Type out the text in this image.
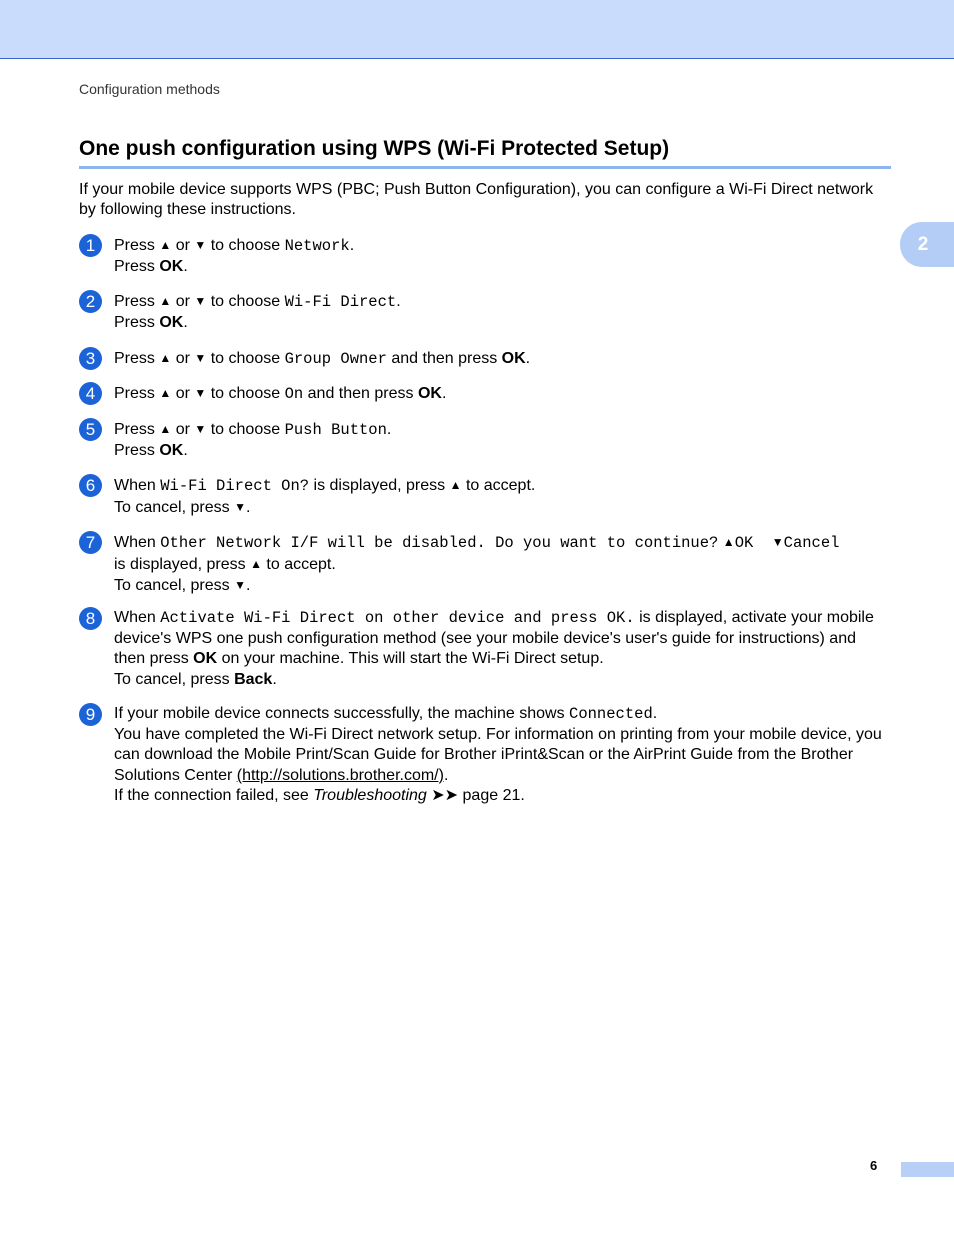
Configuration methods
2
One push configuration using WPS (Wi-Fi Protected Setup)
If your mobile device supports WPS (PBC; Push Button Configuration), you can configure a Wi-Fi Direct network by following these instructions.
1	Press ▲ or ▼ to choose Network.
Press OK.
2	Press ▲ or ▼ to choose Wi-Fi Direct.
Press OK.
3	Press ▲ or ▼ to choose Group Owner and then press OK.
4	Press ▲ or ▼ to choose On and then press OK.
5	Press ▲ or ▼ to choose Push Button.
Press OK.
6	When Wi-Fi Direct On? is displayed, press ▲ to accept.
To cancel, press ▼.
7	When Other Network I/F will be disabled. Do you want to continue? ▲OK ▼Cancel
is displayed, press ▲ to accept.
To cancel, press ▼.
8	When Activate Wi-Fi Direct on other device and press OK. is displayed, activate your mobile device's WPS one push configuration method (see your mobile device's user's guide for instructions) and then press OK on your machine. This will start the Wi-Fi Direct setup.
To cancel, press Back.
9	If your mobile device connects successfully, the machine shows Connected.
You have completed the Wi-Fi Direct network setup. For information on printing from your mobile device, you can download the Mobile Print/Scan Guide for Brother iPrint&Scan or the AirPrint Guide from the Brother Solutions Center (http://solutions.brother.com/).
If the connection failed, see Troubleshooting ➤➤ page 21.
6
